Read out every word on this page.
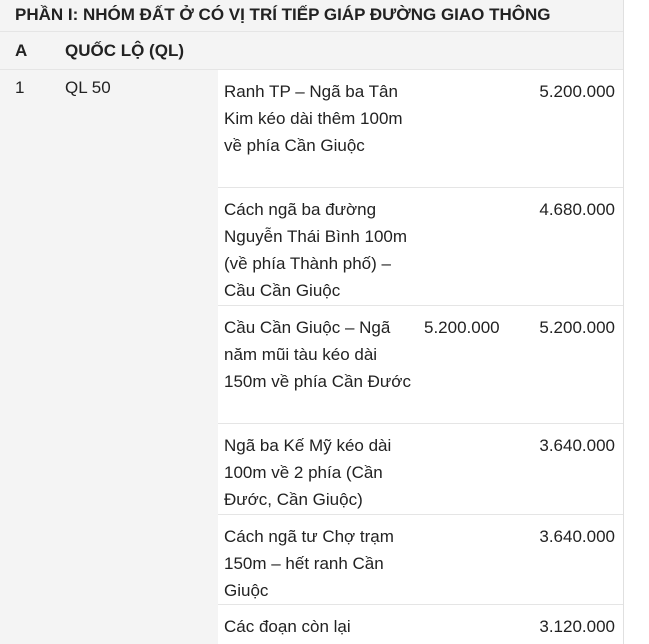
PHẦN I: NHÓM ĐẤT Ở CÓ VỊ TRÍ TIẾP GIÁP ĐƯỜNG GIAO THÔNG
A QUỐC LỘ (QL)
1 QL 50	Ranh TP – Ngã ba Tân Kim kéo dài thêm 100m về phía Cần Giuộc
5.200.000
Cách ngã ba đường Nguyễn Thái Bình 100m (về phía Thành phố) – Cầu Cần Giuộc
4.680.000
Cầu Cần Giuộc – Ngã năm mũi tàu kéo dài 150m về phía Cần Đước
5.200.000 5.200.000
Ngã ba Kế Mỹ kéo dài 100m về 2 phía (Cần Đước, Cần Giuộc)
3.640.000
Cách ngã tư Chợ trạm 150m – hết ranh Cần Giuộc
3.640.000
Các đoạn còn lại	3.120.000
